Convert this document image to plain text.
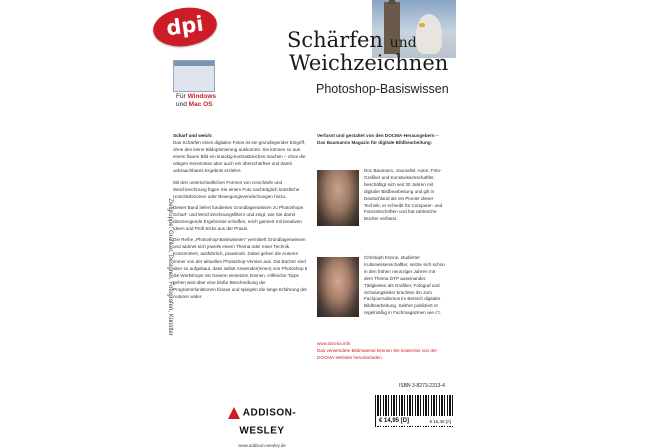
dpi	Schärfen und
Weichzeichnen
Photoshop-Basiswissen
Für Windows
und Mac OS
Zielgruppe: Grafiker, Designer, Fotografen, Künstler

Scharf und weich:

Das Schärfen eines digitalen Fotos ist ein grundlegender Eingriff, ohne den keine Bildoptimierung auskommt. Sie können so aus einem flauen Bild ein knackig-kontrastreiches machen – ohne die nötigen Kenntnisse aber auch ein überschärftes und damit unbrauchbares Ergebnis erzielen.

Mit den unterschiedlichen Formen von Unschärfe und Weichzeichnung fügen Sie einem Foto nachträglich künstliche Unschärfezonen oder Bewegungsverwischungen hinzu.

Dieser Band liefert fundiertes Grundlagenwissen zu Photoshops Scharf- und Weichzeichnungsfiltern und zeigt, wie Sie damit überzeugende Ergebnisse schaffen, reich garniert mit kreativen Ideen und Profi-tricks aus der Praxis.

Die Reihe „Photoshop-Basiswissen" vermittelt Grundlagenwissen und widmet sich jeweils einem Thema oder einer Technik. Konzentriert, ausführlich, praxisnah. Dabei gehen die Autoren immer von der aktuellen Photoshop-Version aus. Die Bücher sind aber so aufgebaut, dass selbst Anwender(innen) von Photoshop 6 die Workshops mit Gewinn einsetzen können. Hilfreiche Tipps gehen weit über eine bloße Beschreibung der Programmfunktionen hinaus und spiegeln die lange Erfahrung der Autoren wider.

Verfasst und gestaltet von den DOCMA-Herausgebern – Das Baumanns Magazin für digitale Bildbearbeitung:
Doc Baumann, Journalist, Autor, Foto-Grafiker und Kunstwissenschaftler, beschäftigt sich seit 30 Jahren mit digitaler Bildbearbeitung und gilt in Deutschland als ein Pionier dieser Technik; er schreibt für Computer- und Fotozeitschriften und hat zahlreiche Bücher verfasst.
Christoph Künne, studierter Kulturwissenschaftler, setzte sich schon in den frühen neunziger Jahren mit dem Thema DTP auseinander. Tätigkeiten als Grafiker, Fotograf und Schulungsleiter brachten ihn zum Fachjournalismus im Bereich digitaler Bildbearbeitung. Seither publiziert er regelmäßig in Fachmagazinen wie c't.
www.docma.info
Das verwendete Bildmaterial können Sie kostenlos von der DOCMA-Website herunterladen.
ISBN 3-8273-2313-4
€ 14,95 [D]	€ 15,40 [A]
ADDISON-WESLEY
www.addison-wesley.de
